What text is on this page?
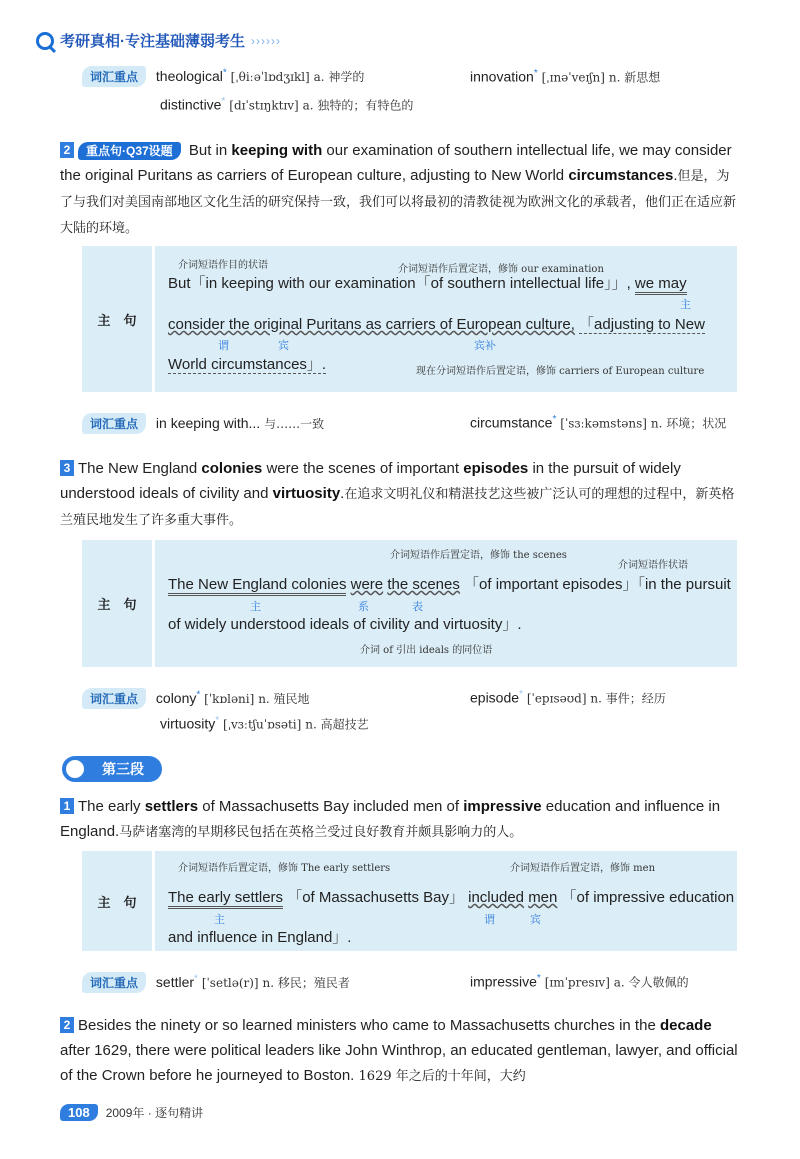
考研真相·专注基础薄弱考生 ››››››
词汇重点 theological* [ˌθiːəˈlɒdʒɪkl] a. 神学的	innovation* [ˌɪnəˈveɪʃn] n. 新思想
distinctive* [dɪˈstɪŋktɪv] a. 独特的；有特色的
2 重点句·Q37设题 But in keeping with our examination of southern intellectual life, we may consider the original Puritans as carriers of European culture, adjusting to New World circumstances.但是，为了与我们对美国南部地区文化生活的研究保持一致，我们可以将最初的清教徒视为欧洲文化的承载者，他们正在适应新大陆的环境。
主　句
介词短语作目的状语	介词短语作后置定语，修饰 our examination
But「in keeping with our examination「of southern intellectual life」」, we may
主
consider the original Puritans as carriers of European culture, 「adjusting to New
谓	宾	宾补
World circumstances」.	现在分词短语作后置定语，修饰 carriers of European culture
词汇重点 in keeping with... 与……一致	circumstance* [ˈsɜːkəmstəns] n. 环境；状况
3 The New England colonies were the scenes of important episodes in the pursuit of widely understood ideals of civility and virtuosity.在追求文明礼仪和精湛技艺这些被广泛认可的理想的过程中，新英格兰殖民地发生了许多重大事件。
主　句
介词短语作后置定语，修饰 the scenes
介词短语作状语
The New England colonies were the scenes 「of important episodes」「in the pursuit
主	系	表
of widely understood ideals of civility and virtuosity」.
介词 of 引出 ideals 的同位语
词汇重点 colony* [ˈkɒləni] n. 殖民地	episode* [ˈepɪsəʊd] n. 事件；经历
virtuosity* [ˌvɜːtʃuˈɒsəti] n. 高超技艺
第三段
1 The early settlers of Massachusetts Bay included men of impressive education and influence in England.马萨诸塞湾的早期移民包括在英格兰受过良好教育并颇具影响力的人。
主　句
介词短语作后置定语，修饰 The early settlers	介词短语作后置定语，修饰 men
The early settlers 「of Massachusetts Bay」 included men 「of impressive education
主	谓	宾
and influence in England」.
词汇重点 settler* [ˈsetlə(r)] n. 移民；殖民者	impressive* [ɪmˈpresɪv] a. 令人敬佩的
2 Besides the ninety or so learned ministers who came to Massachusetts churches in the decade after 1629, there were political leaders like John Winthrop, an educated gentleman, lawyer, and official of the Crown before he journeyed to Boston. 1629 年之后的十年间，大约
108	2009年 · 逐句精讲
